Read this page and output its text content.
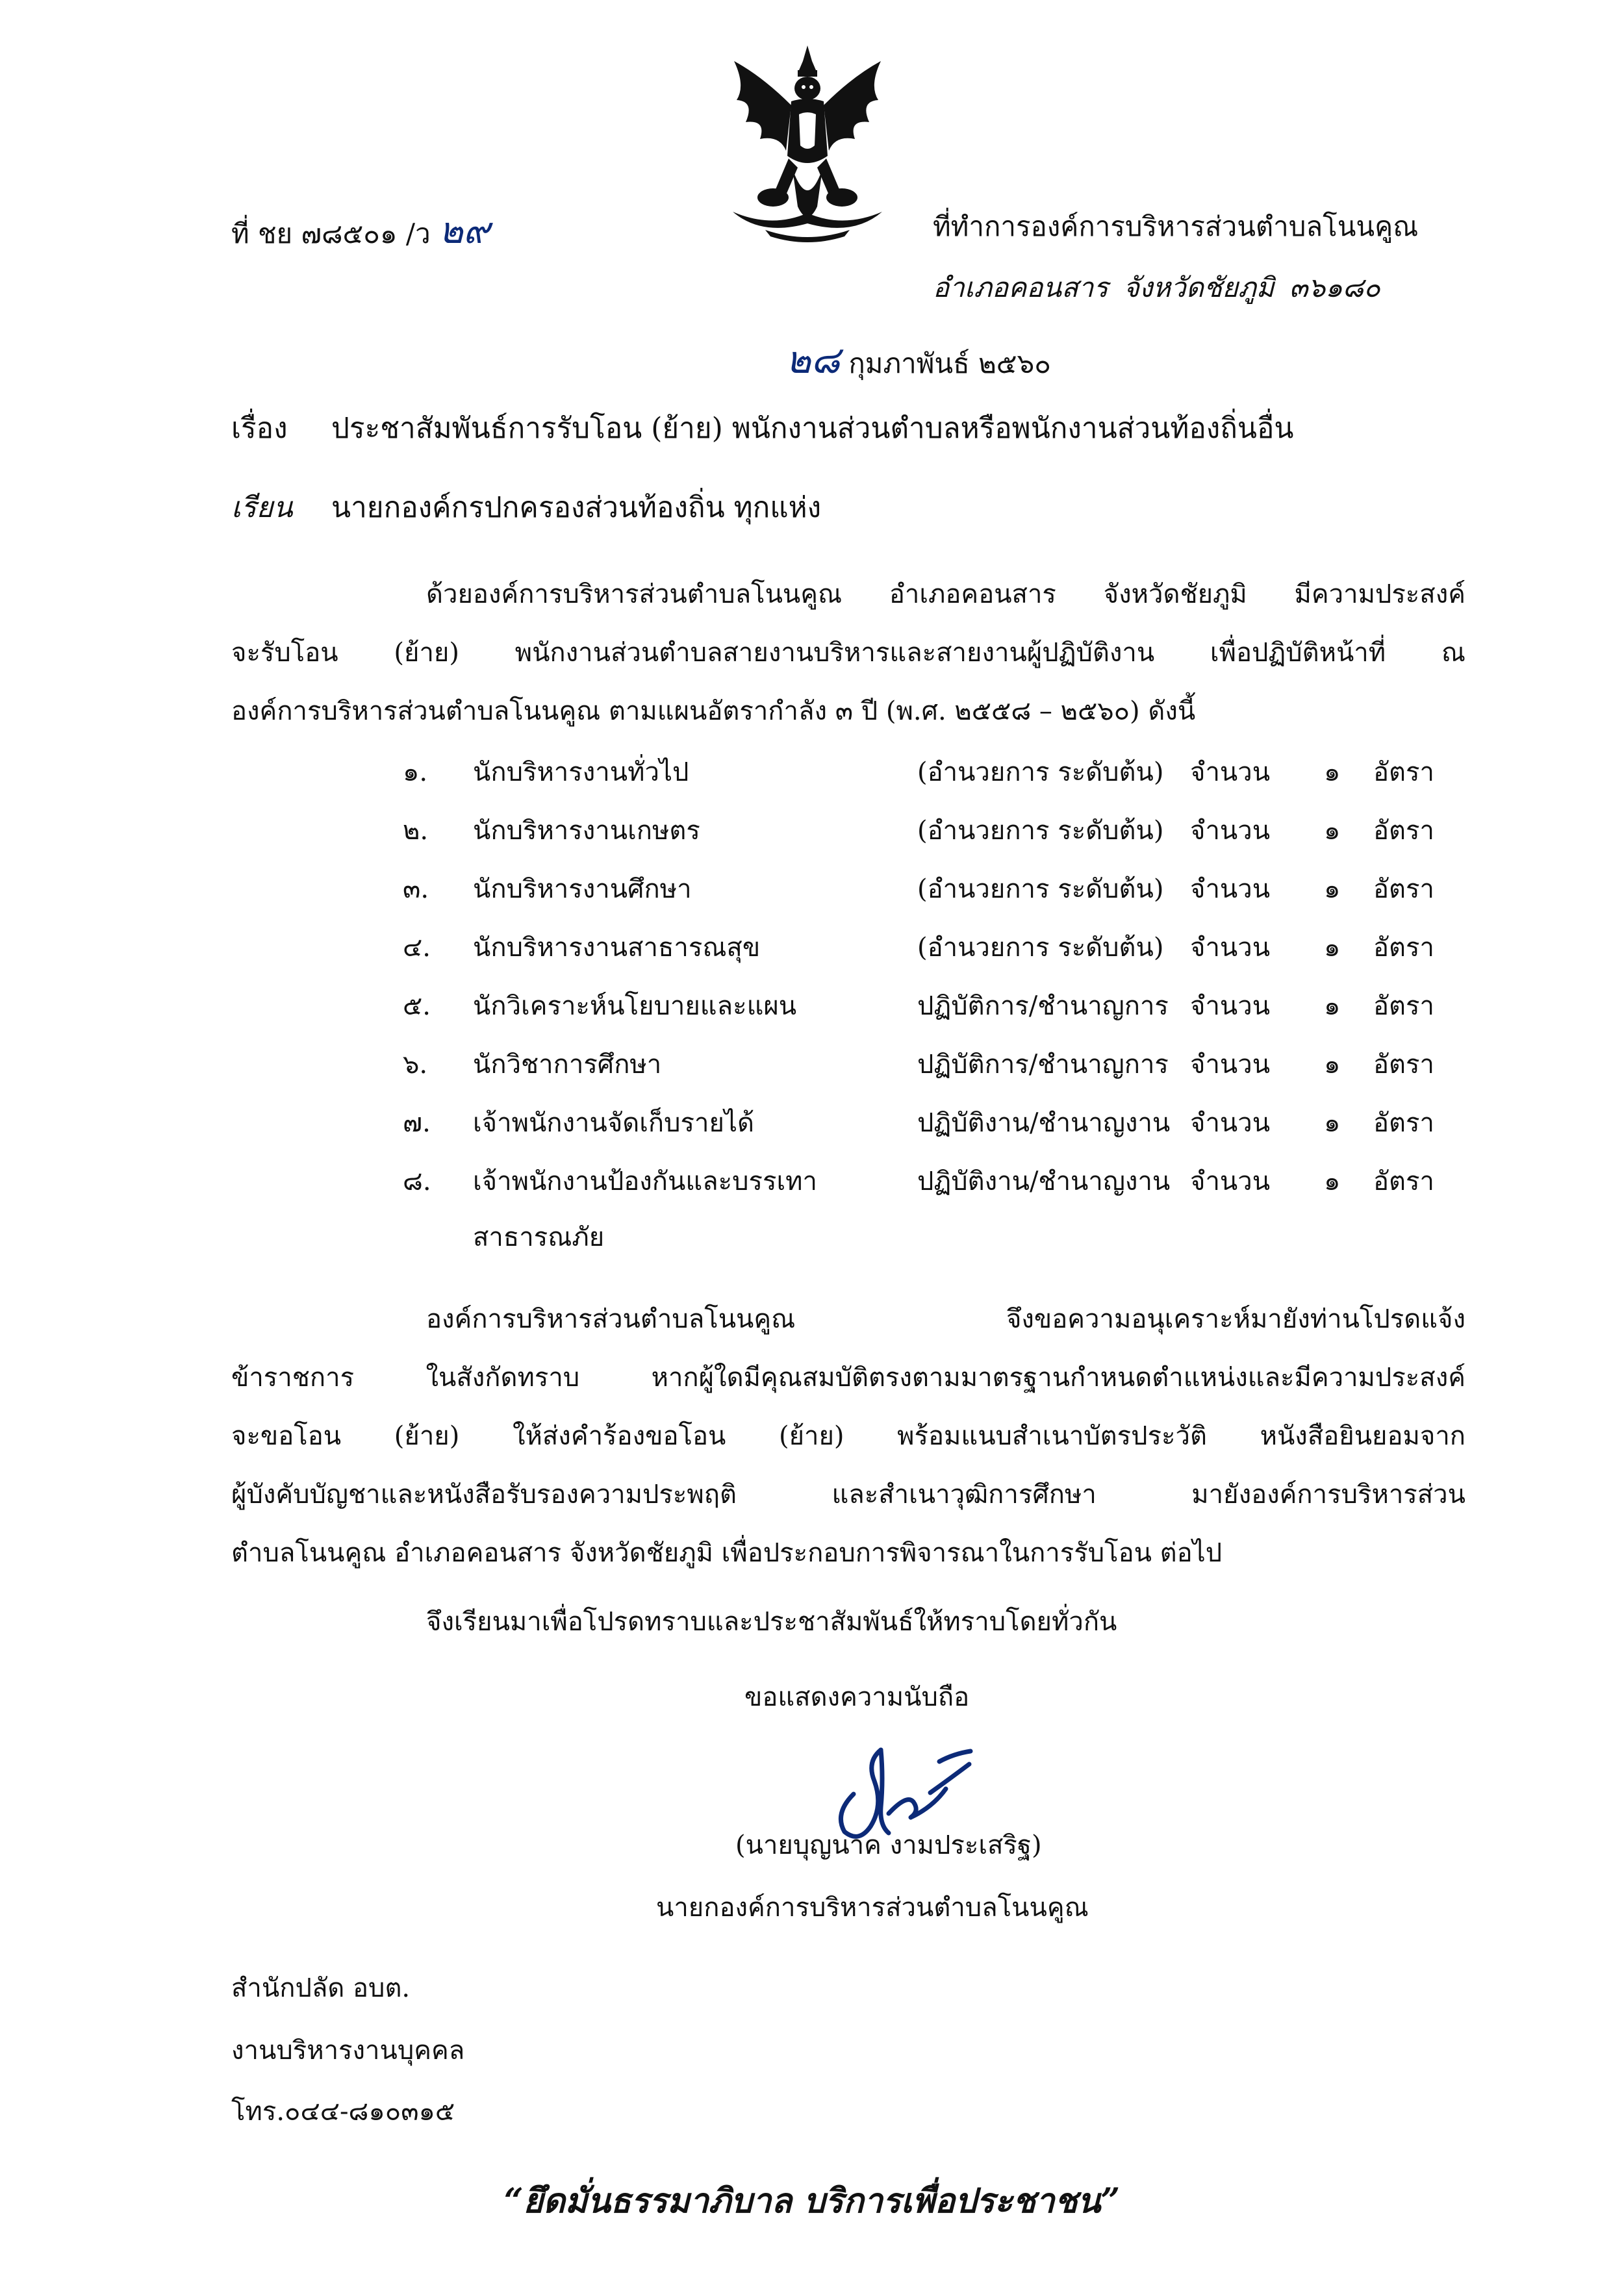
ที่ ชย ๗๘๕๐๑ /ว ๒๙	ที่ทำการองค์การบริหารส่วนตำบลโนนคูณ
อำเภอคอนสาร จังหวัดชัยภูมิ ๓๖๑๘๐
๒๘ กุมภาพันธ์ ๒๕๖๐
เรื่อง ประชาสัมพันธ์การรับโอน (ย้าย) พนักงานส่วนตำบลหรือพนักงานส่วนท้องถิ่นอื่น
เรียน นายกองค์กรปกครองส่วนท้องถิ่น ทุกแห่ง
ด้วยองค์การบริหารส่วนตำบลโนนคูณ อำเภอคอนสาร จังหวัดชัยภูมิ มีความประสงค์
จะรับโอน (ย้าย) พนักงานส่วนตำบลสายงานบริหารและสายงานผู้ปฏิบัติงาน เพื่อปฏิบัติหน้าที่ ณ
องค์การบริหารส่วนตำบลโนนคูณ ตามแผนอัตรากำลัง ๓ ปี (พ.ศ. ๒๕๕๘ – ๒๕๖๐) ดังนี้
๑.	นักบริหารงานทั่วไป	(อำนวยการ ระดับต้น) จำนวน ๑ อัตรา
๒.	นักบริหารงานเกษตร	(อำนวยการ ระดับต้น) จำนวน ๑ อัตรา
๓.	นักบริหารงานศึกษา	(อำนวยการ ระดับต้น) จำนวน ๑ อัตรา
๔.	นักบริหารงานสาธารณสุข	(อำนวยการ ระดับต้น) จำนวน ๑ อัตรา
๕.	นักวิเคราะห์นโยบายและแผน	ปฏิบัติการ/ชำนาญการ จำนวน ๑ อัตรา
๖.	นักวิชาการศึกษา	ปฏิบัติการ/ชำนาญการ จำนวน ๑ อัตรา
๗.	เจ้าพนักงานจัดเก็บรายได้	ปฏิบัติงาน/ชำนาญงาน จำนวน ๑ อัตรา
๘.	เจ้าพนักงานป้องกันและบรรเทา	ปฏิบัติงาน/ชำนาญงาน จำนวน ๑ อัตรา
สาธารณภัย
องค์การบริหารส่วนตำบลโนนคูณ จึงขอความอนุเคราะห์มายังท่านโปรดแจ้ง
ข้าราชการ ในสังกัดทราบ หากผู้ใดมีคุณสมบัติตรงตามมาตรฐานกำหนดตำแหน่งและมีความประสงค์
จะขอโอน (ย้าย) ให้ส่งคำร้องขอโอน (ย้าย) พร้อมแนบสำเนาบัตรประวัติ หนังสือยินยอมจาก
ผู้บังคับบัญชาและหนังสือรับรองความประพฤติ และสำเนาวุฒิการศึกษา มายังองค์การบริหารส่วน
ตำบลโนนคูณ อำเภอคอนสาร จังหวัดชัยภูมิ เพื่อประกอบการพิจารณาในการรับโอน ต่อไป
จึงเรียนมาเพื่อโปรดทราบและประชาสัมพันธ์ให้ทราบโดยทั่วกัน
ขอแสดงความนับถือ
(นายบุญนาค งามประเสริฐ)
นายกองค์การบริหารส่วนตำบลโนนคูณ
สำนักปลัด อบต.
งานบริหารงานบุคคล
โทร.๐๔๔-๘๑๐๓๑๕
“ยึดมั่นธรรมาภิบาล บริการเพื่อประชาชน”
